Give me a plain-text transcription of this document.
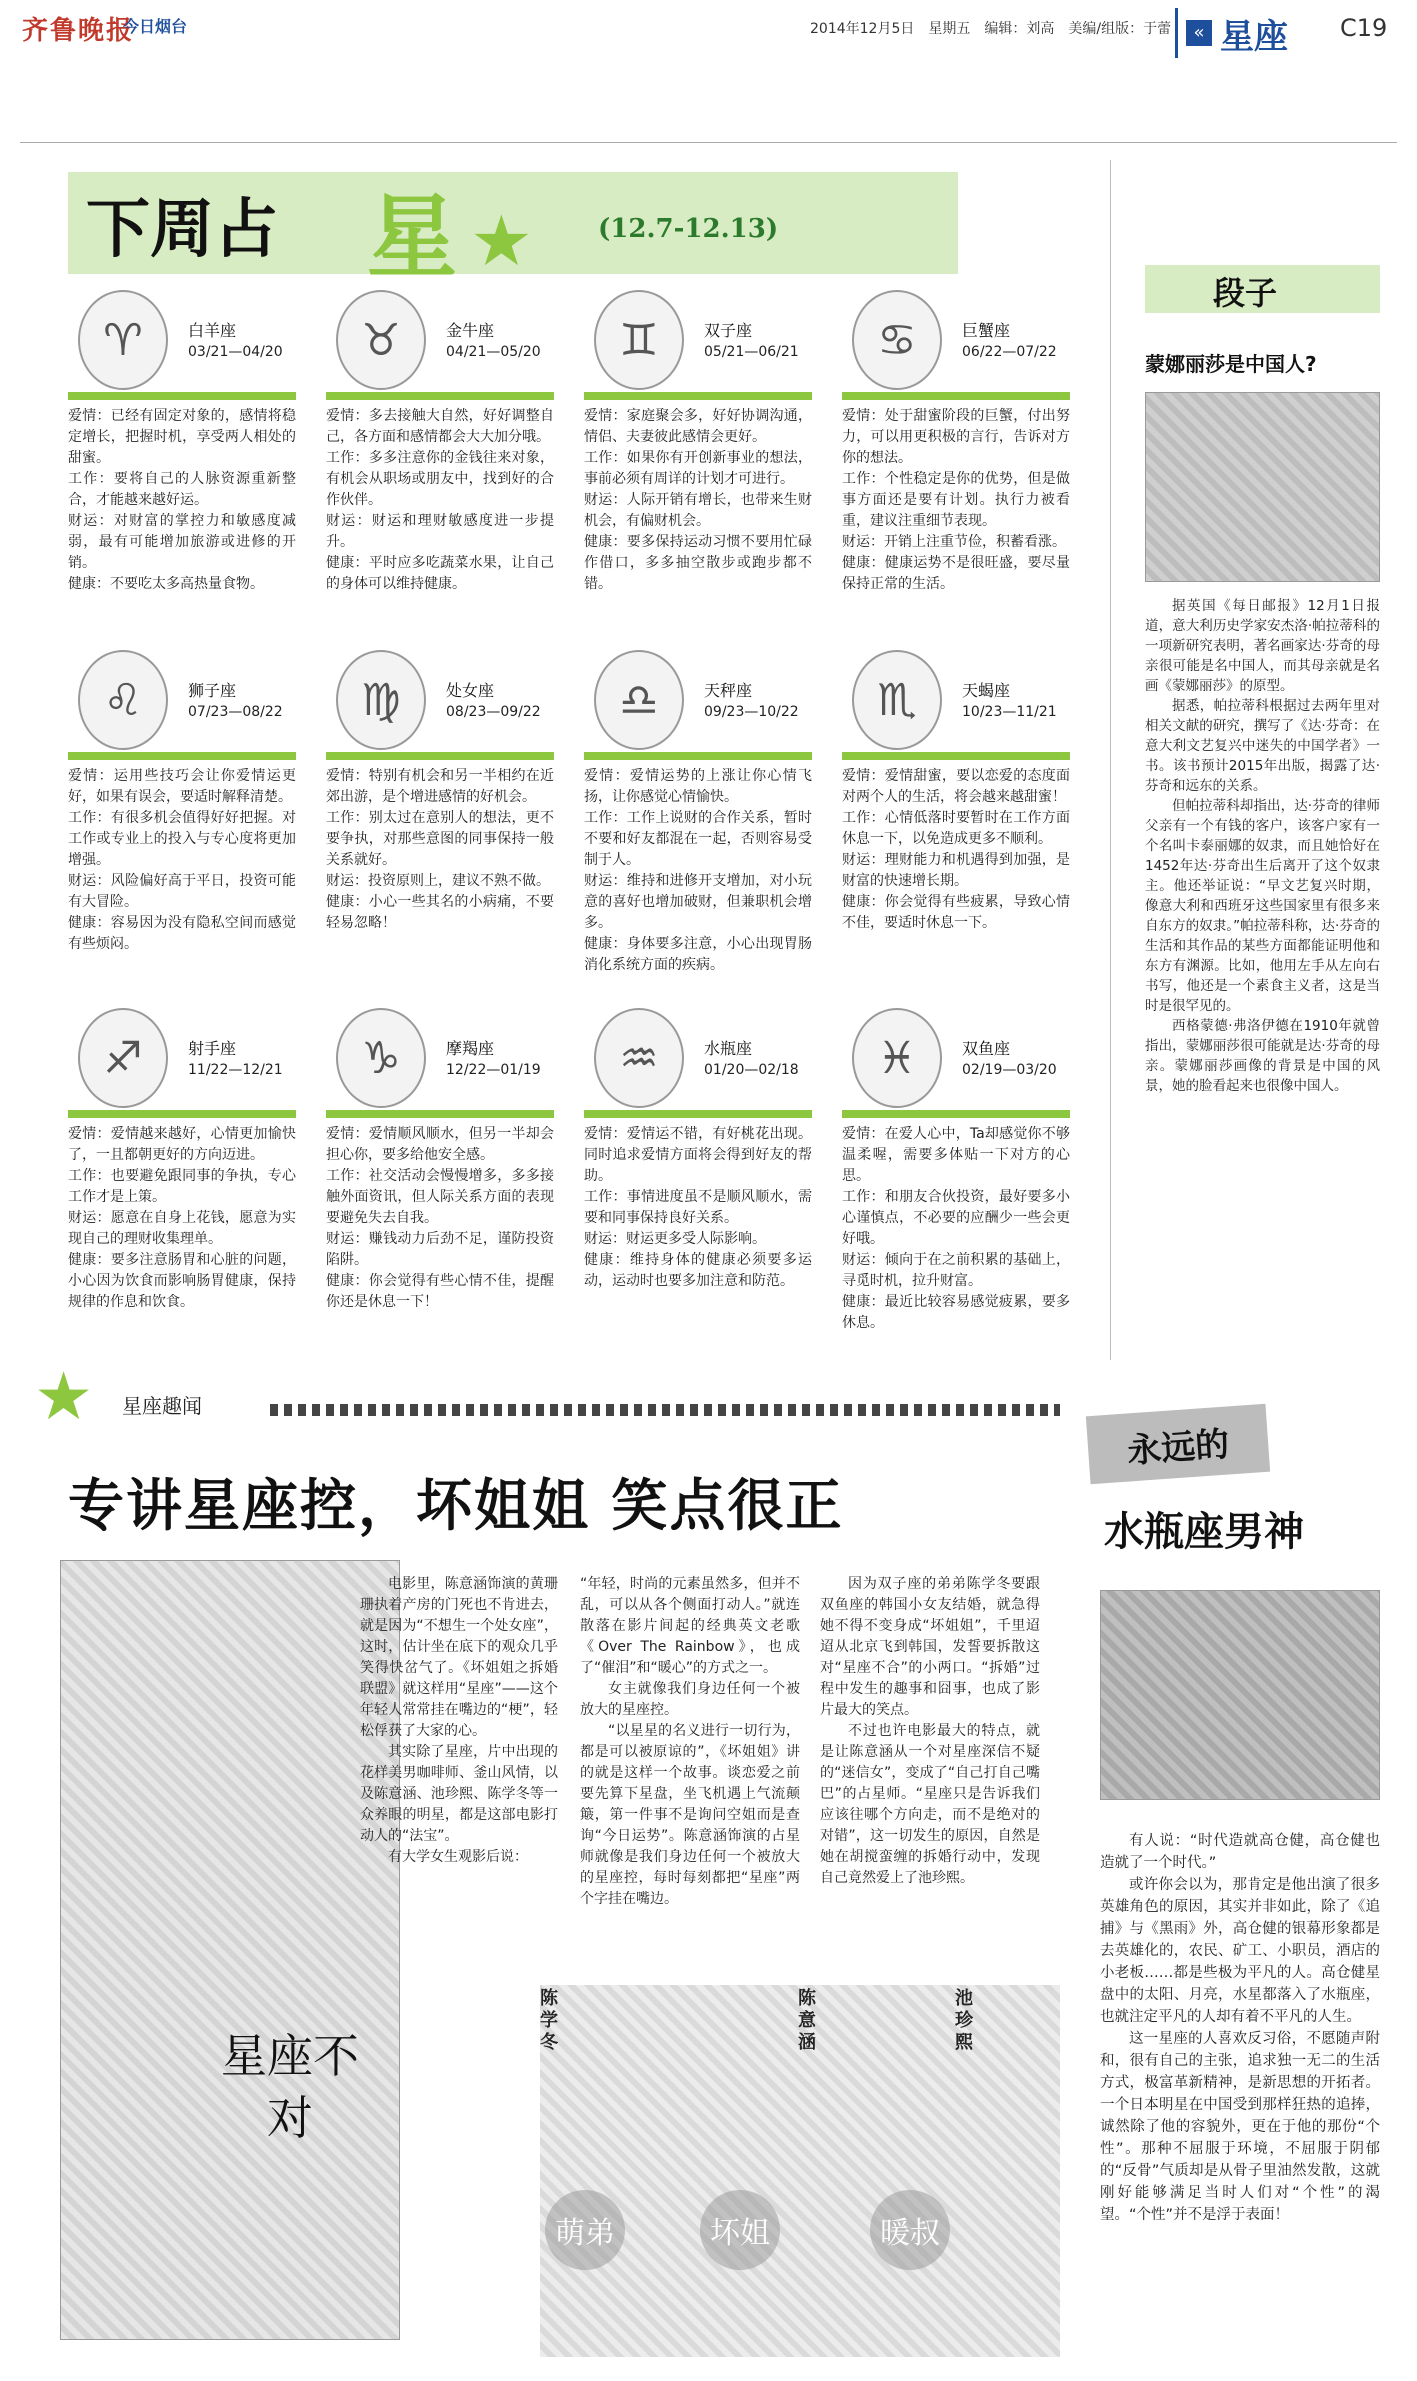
齐鲁晚报
今日烟台	2014年12月5日　星期五　编辑：刘高　美编/组版：于蕾	« 星座 C19
下周占 星 ★	(12.7-12.13)
♈	白羊座
03/21—04/20

爱情：已经有固定对象的，感情将稳定增长，把握时机，享受两人相处的甜蜜。

工作：要将自己的人脉资源重新整合，才能越来越好运。

财运：对财富的掌控力和敏感度减弱，最有可能增加旅游或进修的开销。

健康：不要吃太多高热量食物。

♉	金牛座
04/21—05/20

爱情：多去接触大自然，好好调整自己，各方面和感情都会大大加分哦。

工作：多多注意你的金钱往来对象，有机会从职场或朋友中，找到好的合作伙伴。

财运：财运和理财敏感度进一步提升。

健康：平时应多吃蔬菜水果，让自己的身体可以维持健康。

♊	双子座
05/21—06/21

爱情：家庭聚会多，好好协调沟通，情侣、夫妻彼此感情会更好。

工作：如果你有开创新事业的想法，事前必须有周详的计划才可进行。

财运：人际开销有增长，也带来生财机会，有偏财机会。

健康：要多保持运动习惯不要用忙碌作借口，多多抽空散步或跑步都不错。

♋	巨蟹座
06/22—07/22

爱情：处于甜蜜阶段的巨蟹，付出努力，可以用更积极的言行，告诉对方你的想法。

工作：个性稳定是你的优势，但是做事方面还是要有计划。执行力被看重，建议注重细节表现。

财运：开销上注重节俭，积蓄看涨。

健康：健康运势不是很旺盛，要尽量保持正常的生活。

♌	狮子座
07/23—08/22

爱情：运用些技巧会让你爱情运更好，如果有误会，要适时解释清楚。

工作：有很多机会值得好好把握。对工作或专业上的投入与专心度将更加增强。

财运：风险偏好高于平日，投资可能有大冒险。

健康：容易因为没有隐私空间而感觉有些烦闷。

♍	处女座
08/23—09/22

爱情：特别有机会和另一半相约在近郊出游，是个增进感情的好机会。

工作：别太过在意别人的想法，更不要争执，对那些意图的同事保持一般关系就好。

财运：投资原则上，建议不熟不做。

健康：小心一些其名的小病痛，不要轻易忽略！

♎	天秤座
09/23—10/22

爱情：爱情运势的上涨让你心情飞扬，让你感觉心情愉快。

工作：工作上说财的合作关系，暂时不要和好友都混在一起，否则容易受制于人。

财运：维持和进修开支增加，对小玩意的喜好也增加破财，但兼职机会增多。

健康：身体要多注意，小心出现胃肠消化系统方面的疾病。

♏	天蝎座
10/23—11/21

爱情：爱情甜蜜，要以恋爱的态度面对两个人的生活，将会越来越甜蜜！

工作：心情低落时要暂时在工作方面休息一下，以免造成更多不顺利。

财运：理财能力和机遇得到加强，是财富的快速增长期。

健康：你会觉得有些疲累，导致心情不佳，要适时休息一下。

♐	射手座
11/22—12/21

爱情：爱情越来越好，心情更加愉快了，一且都朝更好的方向迈进。

工作：也要避免跟同事的争执，专心工作才是上策。

财运：愿意在自身上花钱，愿意为实现自己的理财收集理单。

健康：要多注意肠胃和心脏的问题，小心因为饮食而影响肠胃健康，保持规律的作息和饮食。

♑	摩羯座
12/22—01/19

爱情：爱情顺风顺水，但另一半却会担心你，要多给他安全感。

工作：社交活动会慢慢增多，多多接触外面资讯，但人际关系方面的表现要避免失去自我。

财运：赚钱动力后劲不足，谨防投资陷阱。

健康：你会觉得有些心情不佳，提醒你还是休息一下！

♒	水瓶座
01/20—02/18

爱情：爱情运不错，有好桃花出现。同时追求爱情方面将会得到好友的帮助。

工作：事情进度虽不是顺风顺水，需要和同事保持良好关系。

财运：财运更多受人际影响。

健康：维持身体的健康必须要多运动，运动时也要多加注意和防范。

♓	双鱼座
02/19—03/20

爱情：在爱人心中，Ta却感觉你不够温柔喔，需要多体贴一下对方的心思。

工作：和朋友合伙投资，最好要多小心谨慎点，不必要的应酬少一些会更好哦。

财运：倾向于在之前积累的基础上，寻觅时机，拉升财富。

健康：最近比较容易感觉疲累，要多休息。

段子
蒙娜丽莎是中国人?

据英国《每日邮报》12月1日报道，意大利历史学家安杰洛·帕拉蒂科的一项新研究表明，著名画家达·芬奇的母亲很可能是名中国人，而其母亲就是名画《蒙娜丽莎》的原型。

据悉，帕拉蒂科根据过去两年里对相关文献的研究，撰写了《达·芬奇：在意大利文艺复兴中迷失的中国学者》一书。该书预计2015年出版，揭露了达·芬奇和远东的关系。

但帕拉蒂科却指出，达·芬奇的律师父亲有一个有钱的客户，该客户家有一个名叫卡泰丽娜的奴隶，而且她恰好在1452年达·芬奇出生后离开了这个奴隶主。他还举证说：“早文艺复兴时期，像意大利和西班牙这些国家里有很多来自东方的奴隶。”帕拉蒂科称，达·芬奇的生活和其作品的某些方面都能证明他和东方有渊源。比如，他用左手从左向右书写，他还是一个素食主义者，这是当时是很罕见的。

西格蒙德·弗洛伊德在1910年就曾指出，蒙娜丽莎很可能就是达·芬奇的母亲。蒙娜丽莎画像的背景是中国的风景，她的脸看起来也很像中国人。

★ 星座趣闻
专讲星座控，坏姐姐 笑点很正
星座不对

电影里，陈意涵饰演的黄珊珊执着产房的门死也不肯进去，就是因为“不想生一个处女座”，这时，估计坐在底下的观众几乎笑得快岔气了。《坏姐姐之拆婚联盟》就这样用“星座”——这个年轻人常常挂在嘴边的“梗”，轻松俘获了大家的心。

其实除了星座，片中出现的花样美男咖啡师、釜山风情，以及陈意涵、池珍熙、陈学冬等一众养眼的明星，都是这部电影打动人的“法宝”。

有大学女生观影后说：

“年轻，时尚的元素虽然多，但并不乱，可以从各个侧面打动人。”就连散落在影片间起的经典英文老歌《Over The Rainbow》，也成了“催泪”和“暖心”的方式之一。

女主就像我们身边任何一个被放大的星座控。

“以星星的名义进行一切行为，都是可以被原谅的”，《坏姐姐》讲的就是这样一个故事。谈恋爱之前要先算下星盘，坐飞机遇上气流颠簸，第一件事不是询问空姐而是查询“今日运势”。陈意涵饰演的占星师就像是我们身边任何一个被放大的星座控，每时每刻都把“星座”两个字挂在嘴边。

因为双子座的弟弟陈学冬要跟双鱼座的韩国小女友结婚，就急得她不得不变身成“坏姐姐”，千里迢迢从北京飞到韩国，发誓要拆散这对“星座不合”的小两口。“拆婚”过程中发生的趣事和囧事，也成了影片最大的笑点。

不过也许电影最大的特点，就是让陈意涵从一个对星座深信不疑的“迷信女”，变成了“自己打自己嘴巴”的占星师。“星座只是告诉我们应该往哪个方向走，而不是绝对的对错”，这一切发生的原因，自然是她在胡搅蛮缠的拆婚行动中，发现自己竟然爱上了池珍熙。

陈学冬
陈意涵
池珍熙
萌弟	坏姐	暖叔
永远的
水瓶座男神

有人说：“时代造就高仓健，高仓健也造就了一个时代。”

或许你会以为，那肯定是他出演了很多英雄角色的原因，其实并非如此，除了《追捕》与《黑雨》外，高仓健的银幕形象都是去英雄化的，农民、矿工、小职员，酒店的小老板……都是些极为平凡的人。高仓健星盘中的太阳、月亮，水星都落入了水瓶座，也就注定平凡的人却有着不平凡的人生。

这一星座的人喜欢反习俗，不愿随声附和，很有自己的主张，追求独一无二的生活方式，极富革新精神，是新思想的开拓者。一个日本明星在中国受到那样狂热的追捧，诚然除了他的容貌外，更在于他的那份“个性”。那种不屈服于环境，不屈服于阴郁的“反骨”气质却是从骨子里油然发散，这就刚好能够满足当时人们对“个性”的渴望。“个性”并不是浮于表面！
